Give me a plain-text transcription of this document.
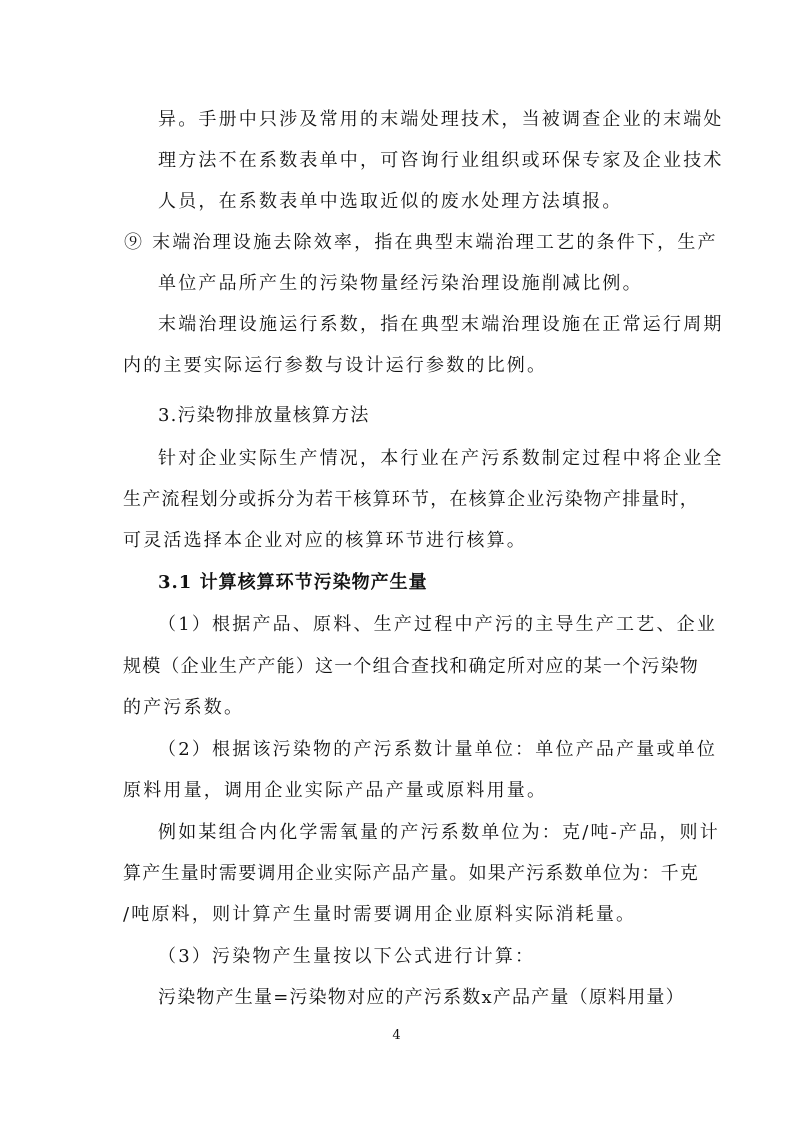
异。手册中只涉及常用的末端处理技术，当被调查企业的末端处
理方法不在系数表单中，可咨询行业组织或环保专家及企业技术
人员，在系数表单中选取近似的废水处理方法填报。
⑨ 末端治理设施去除效率，指在典型末端治理工艺的条件下，生产
单位产品所产生的污染物量经污染治理设施削减比例。
末端治理设施运行系数，指在典型末端治理设施在正常运行周期
内的主要实际运行参数与设计运行参数的比例。
3.污染物排放量核算方法
针对企业实际生产情况，本行业在产污系数制定过程中将企业全
生产流程划分或拆分为若干核算环节，在核算企业污染物产排量时，
可灵活选择本企业对应的核算环节进行核算。
3.1 计算核算环节污染物产生量
（1）根据产品、原料、生产过程中产污的主导生产工艺、企业
规模（企业生产产能）这一个组合查找和确定所对应的某一个污染物
的产污系数。
（2）根据该污染物的产污系数计量单位：单位产品产量或单位
原料用量，调用企业实际产品产量或原料用量。
例如某组合内化学需氧量的产污系数单位为：克/吨-产品，则计
算产生量时需要调用企业实际产品产量。如果产污系数单位为：千克
/吨原料，则计算产生量时需要调用企业原料实际消耗量。
（3）污染物产生量按以下公式进行计算：
污染物产生量=污染物对应的产污系数ⅹ产品产量（原料用量）
4
